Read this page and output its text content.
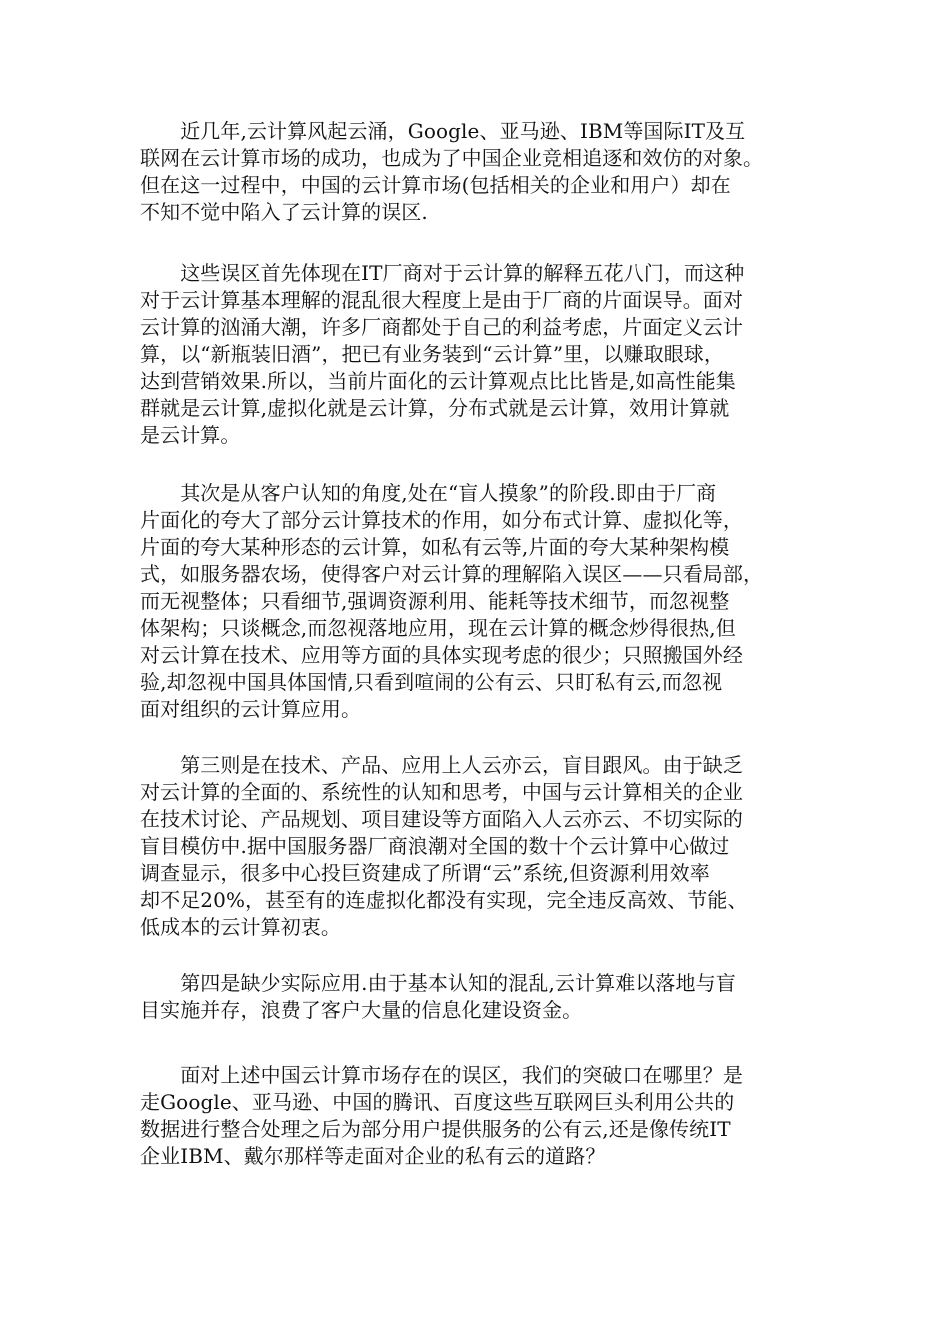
　　近几年,云计算风起云涌，Google、亚马逊、IBM等国际IT及互
联网在云计算市场的成功，也成为了中国企业竞相追逐和效仿的对象。
但在这一过程中，中国的云计算市场(包括相关的企业和用户）却在
不知不觉中陷入了云计算的误区.

　　这些误区首先体现在IT厂商对于云计算的解释五花八门，而这种
对于云计算基本理解的混乱很大程度上是由于厂商的片面误导。面对
云计算的汹涌大潮，许多厂商都处于自己的利益考虑，片面定义云计
算，以“新瓶装旧酒”，把已有业务装到“云计算”里，以赚取眼球，
达到营销效果.所以，当前片面化的云计算观点比比皆是,如高性能集
群就是云计算,虚拟化就是云计算，分布式就是云计算，效用计算就
是云计算。

　　其次是从客户认知的角度,处在“盲人摸象”的阶段.即由于厂商
片面化的夸大了部分云计算技术的作用，如分布式计算、虚拟化等，
片面的夸大某种形态的云计算，如私有云等,片面的夸大某种架构模
式，如服务器农场，使得客户对云计算的理解陷入误区——只看局部，
而无视整体；只看细节,强调资源利用、能耗等技术细节，而忽视整
体架构；只谈概念,而忽视落地应用，现在云计算的概念炒得很热,但
对云计算在技术、应用等方面的具体实现考虑的很少；只照搬国外经
验,却忽视中国具体国情,只看到喧闹的公有云、只盯私有云,而忽视
面对组织的云计算应用。

　　第三则是在技术、产品、应用上人云亦云，盲目跟风。由于缺乏
对云计算的全面的、系统性的认知和思考，中国与云计算相关的企业
在技术讨论、产品规划、项目建设等方面陷入人云亦云、不切实际的
盲目模仿中.据中国服务器厂商浪潮对全国的数十个云计算中心做过
调查显示，很多中心投巨资建成了所谓“云”系统,但资源利用效率
却不足20%，甚至有的连虚拟化都没有实现，完全违反高效、节能、
低成本的云计算初衷。

　　第四是缺少实际应用.由于基本认知的混乱,云计算难以落地与盲
目实施并存，浪费了客户大量的信息化建设资金。

　　面对上述中国云计算市场存在的误区，我们的突破口在哪里？是
走Google、亚马逊、中国的腾讯、百度这些互联网巨头利用公共的
数据进行整合处理之后为部分用户提供服务的公有云,还是像传统IT
企业IBM、戴尔那样等走面对企业的私有云的道路？
